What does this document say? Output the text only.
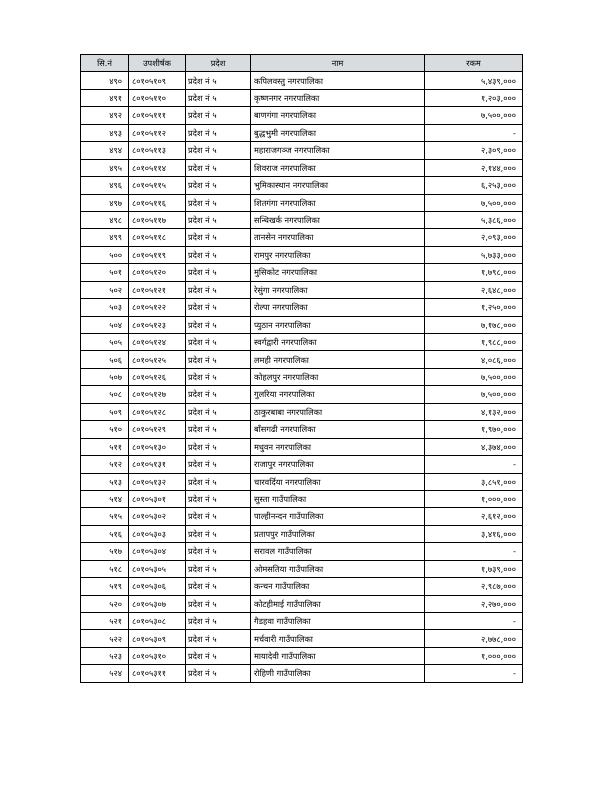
सि.नं	उपशीर्षक	प्रदेश	नाम	रकम
४९०	८०१०५१०९	प्रदेश नं ५	कपिलवस्तु नगरपालिका	५,४३९,०००
४९१	८०१०५११०	प्रदेश नं ५	कृष्णनगर नगरपालिका	१,२०३,०००
४९२	८०१०५१११	प्रदेश नं ५	बाणगंगा नगरपालिका	७,५००,०००
४९३	८०१०५११२	प्रदेश नं ५	बुद्धभुमी नगरपालिका	-
४९४	८०१०५११३	प्रदेश नं ५	महाराजगञ्ज नगरपालिका	२,३०९,०००
४९५	८०१०५११४	प्रदेश नं ५	शिवराज नगरपालिका	२,१४४,०००
४९६	८०१०५११५	प्रदेश नं ५	भुमिकास्थान नगरपालिका	६,२५३,०००
४९७	८०१०५११६	प्रदेश नं ५	शितगंगा नगरपालिका	७,५००,०००
४९८	८०१०५११७	प्रदेश नं ५	सन्धिखर्क नगरपालिका	५,३८६,०००
४९९	८०१०५११८	प्रदेश नं ५	तानसेन नगरपालिका	२,०९३,०००
५००	८०१०५११९	प्रदेश नं ५	रामपुर नगरपालिका	५,७३३,०००
५०१	८०१०५१२०	प्रदेश नं ५	मुसिकोट नगरपालिका	१,७९८,०००
५०२	८०१०५१२१	प्रदेश नं ५	रेसुंगा नगरपालिका	२,६४८,०००
५०३	८०१०५१२२	प्रदेश नं ५	रोल्पा नगरपालिका	१,२५०,०००
५०४	८०१०५१२३	प्रदेश नं ५	प्युठान नगरपालिका	७,१७८,०००
५०५	८०१०५१२४	प्रदेश नं ५	स्वर्गद्वारी नगरपालिका	१,९८८,०००
५०६	८०१०५१२५	प्रदेश नं ५	लमही नगरपालिका	४,०८६,०००
५०७	८०१०५१२६	प्रदेश नं ५	कोहलपुर नगरपालिका	७,५००,०००
५०८	८०१०५१२७	प्रदेश नं ५	गुलरिया नगरपालिका	७,५००,०००
५०९	८०१०५१२८	प्रदेश नं ५	ठाकुरबाबा नगरपालिका	४,१३२,०००
५१०	८०१०५१२९	प्रदेश नं ५	बाँसगढी नगरपालिका	१,९७०,०००
५११	८०१०५१३०	प्रदेश नं ५	मधुवन नगरपालिका	४,३७४,०००
५१२	८०१०५१३१	प्रदेश नं ५	राजापुर नगरपालिका	-
५१३	८०१०५१३२	प्रदेश नं ५	चारवर्दिया नगरपालिका	३,८५१,०००
५१४	८०१०५३०१	प्रदेश नं ५	सुस्ता गाउँपालिका	१,०००,०००
५१५	८०१०५३०२	प्रदेश नं ५	पाल्हीनन्दन गाउँपालिका	२,६१२,०००
५१६	८०१०५३०३	प्रदेश नं ५	प्रतापपुर गाउँपालिका	३,४१६,०००
५१७	८०१०५३०४	प्रदेश नं ५	सरावल गाउँपालिका	-
५१८	८०१०५३०५	प्रदेश नं ५	ओमसतिया गाउँपालिका	१,७३९,०००
५१९	८०१०५३०६	प्रदेश नं ५	कन्चन गाउँपालिका	२,९८७,०००
५२०	८०१०५३०७	प्रदेश नं ५	कोटहीमाई गाउँपालिका	२,२७०,०००
५२१	८०१०५३०८	प्रदेश नं ५	गैडहवा गाउँपालिका	-
५२२	८०१०५३०९	प्रदेश नं ५	मर्चवारी गाउँपालिका	२,७७८,०००
५२३	८०१०५३१०	प्रदेश नं ५	मायादेवी गाउँपालिका	१,०००,०००
५२४	८०१०५३११	प्रदेश नं ५	रोहिणी गाउँपालिका	-
